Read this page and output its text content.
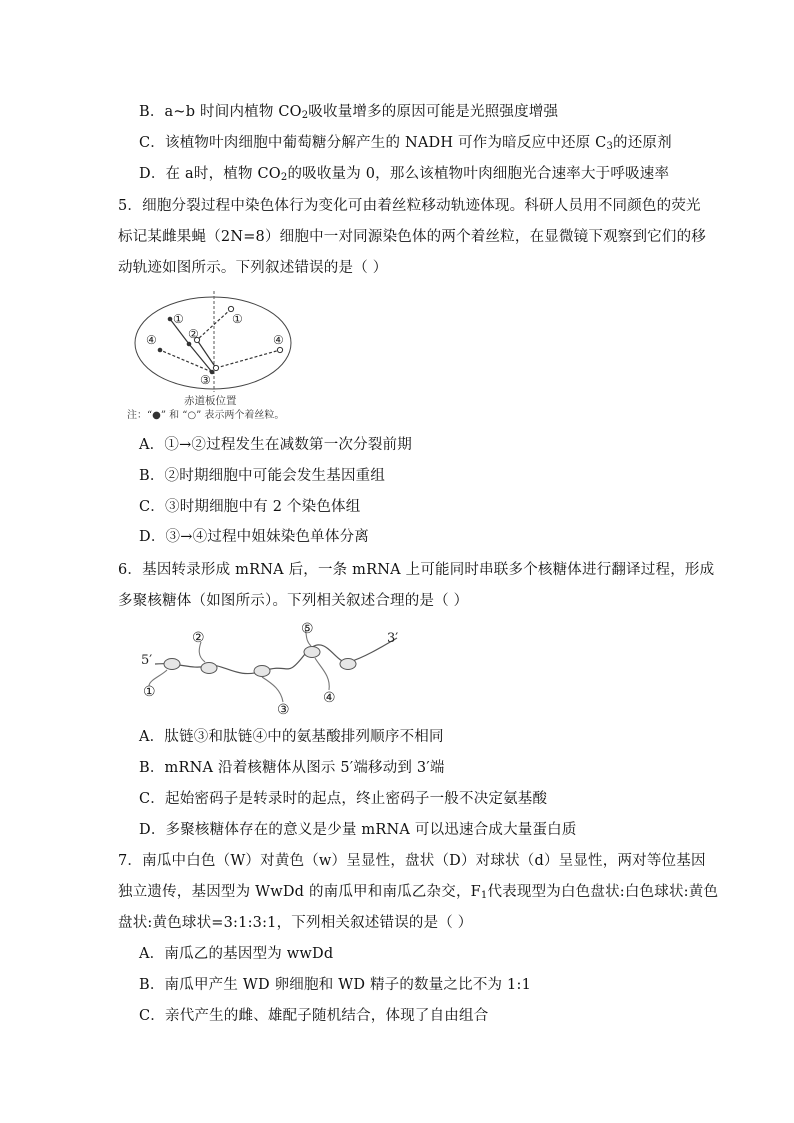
B．a~b 时间内植物 $CO_2$吸收量增多的原因可能是光照强度增强
C．该植物叶肉细胞中葡萄糖分解产生的 NADH 可作为暗反应中还原 $C_3$的还原剂
D．在 a时，植物 $CO_2$的吸收量为 0，那么该植物叶肉细胞光合速率大于呼吸速率
5．细胞分裂过程中染色体行为变化可由着丝粒移动轨迹体现。科研人员用不同颜色的荧光
标记某雌果蝇（2N=8）细胞中一对同源染色体的两个着丝粒，在显微镜下观察到它们的移
动轨迹如图所示。下列叙述错误的是（ ）
①
②
③
④
①
④
赤道板位置
注：“●” 和 “○” 表示两个着丝粒。
A．①→②过程发生在减数第一次分裂前期
B．②时期细胞中可能会发生基因重组
C．③时期细胞中有 2 个染色体组
D．③→④过程中姐妹染色单体分离
6．基因转录形成 mRNA 后，一条 mRNA 上可能同时串联多个核糖体进行翻译过程，形成
多聚核糖体（如图所示）。下列相关叙述合理的是（ ）
5′
3′
①
②
③
④
⑤
A．肽链③和肽链④中的氨基酸排列顺序不相同
B．mRNA 沿着核糖体从图示 5′端移动到 3′端
C．起始密码子是转录时的起点，终止密码子一般不决定氨基酸
D．多聚核糖体存在的意义是少量 mRNA 可以迅速合成大量蛋白质
7．南瓜中白色（W）对黄色（w）呈显性，盘状（D）对球状（d）呈显性，两对等位基因
独立遗传，基因型为 WwDd 的南瓜甲和南瓜乙杂交，$F_1$代表现型为白色盘状:白色球状:黄色
盘状:黄色球状=3:1:3:1，下列相关叙述错误的是（ ）
A．南瓜乙的基因型为 wwDd
B．南瓜甲产生 WD 卵细胞和 WD 精子的数量之比不为 1:1
C．亲代产生的雌、雄配子随机结合，体现了自由组合
